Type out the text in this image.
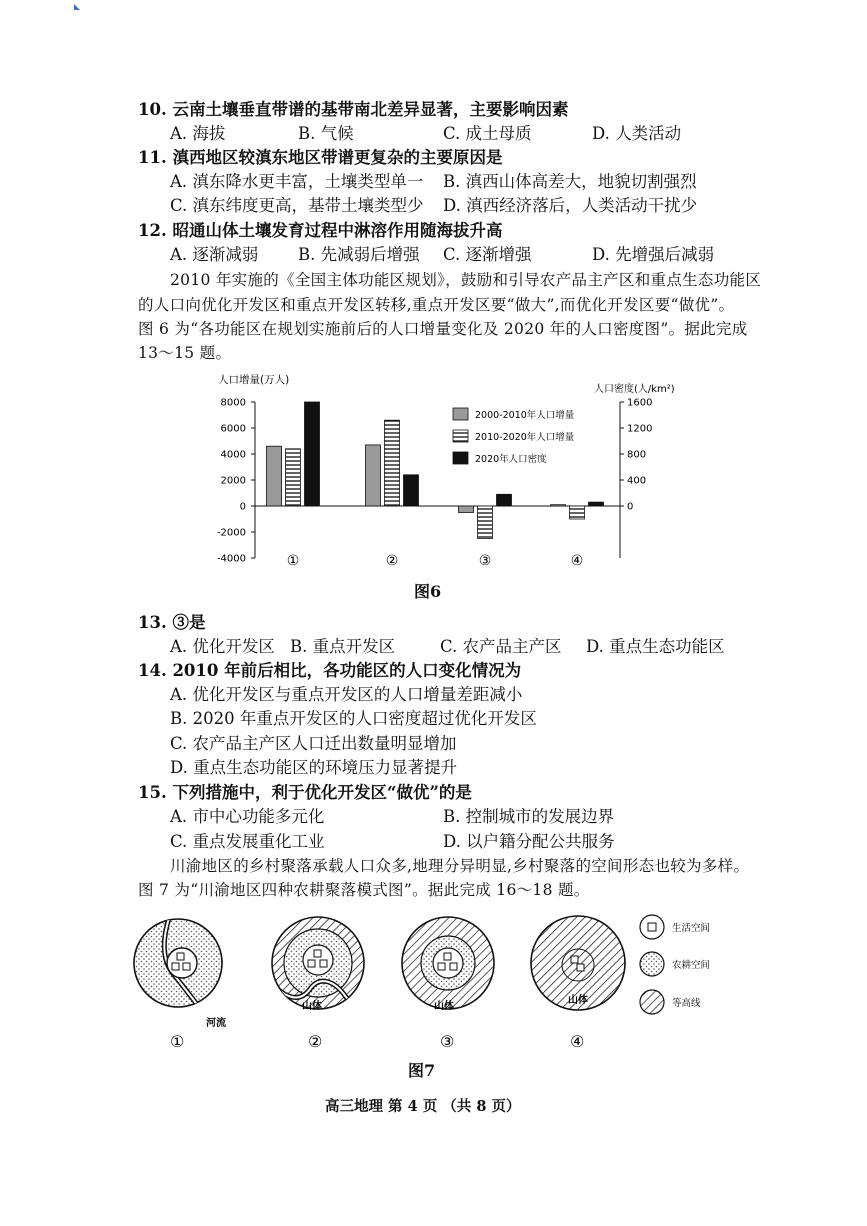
10. 云南土壤垂直带谱的基带南北差异显著，主要影响因素
A. 海拔	B. 气候	C. 成土母质	D. 人类活动
11. 滇西地区较滇东地区带谱更复杂的主要原因是
A. 滇东降水更丰富，土壤类型单一 B. 滇西山体高差大，地貌切割强烈
C. 滇东纬度更高，基带土壤类型少 D. 滇西经济落后，人类活动干扰少
12. 昭通山体土壤发育过程中淋溶作用随海拔升高
A. 逐渐减弱 B. 先减弱后增强 C. 逐渐增强	D. 先增强后减弱
2010 年实施的《全国主体功能区规划》，鼓励和引导农产品主产区和重点生态功能区
的人口向优化开发区和重点开发区转移,重点开发区要“做大”,而优化开发区要“做优”。
图 6 为“各功能区在规划实施前后的人口增量变化及 2020 年的人口密度图”。据此完成
13～15 题。
人口增量(万人)
人口密度(人/km²)
8000
6000
4000
2000
0
-2000
-4000
1600
1200
800
400
0
①	②	③	④
2000-2010年人口增量
2010-2020年人口增量
2020年人口密度
图6
13. ③是
A. 优化开发区 B. 重点开发区	C. 农产品主产区 D. 重点生态功能区
14. 2010 年前后相比，各功能区的人口变化情况为
A. 优化开发区与重点开发区的人口增量差距减小
B. 2020 年重点开发区的人口密度超过优化开发区
C. 农产品主产区人口迁出数量明显增加
D. 重点生态功能区的环境压力显著提升
15. 下列措施中，利于优化开发区“做优”的是
A. 市中心功能多元化	B. 控制城市的发展边界
C. 重点发展重化工业	D. 以户籍分配公共服务
川渝地区的乡村聚落承载人口众多,地理分异明显,乡村聚落的空间形态也较为多样。
图 7 为“川渝地区四种农耕聚落模式图”。据此完成 16～18 题。
河流
①
山体
②
山体
③
山体
④
生活空间
农耕空间
等高线
图7
高三地理 第 4 页 （共 8 页）
